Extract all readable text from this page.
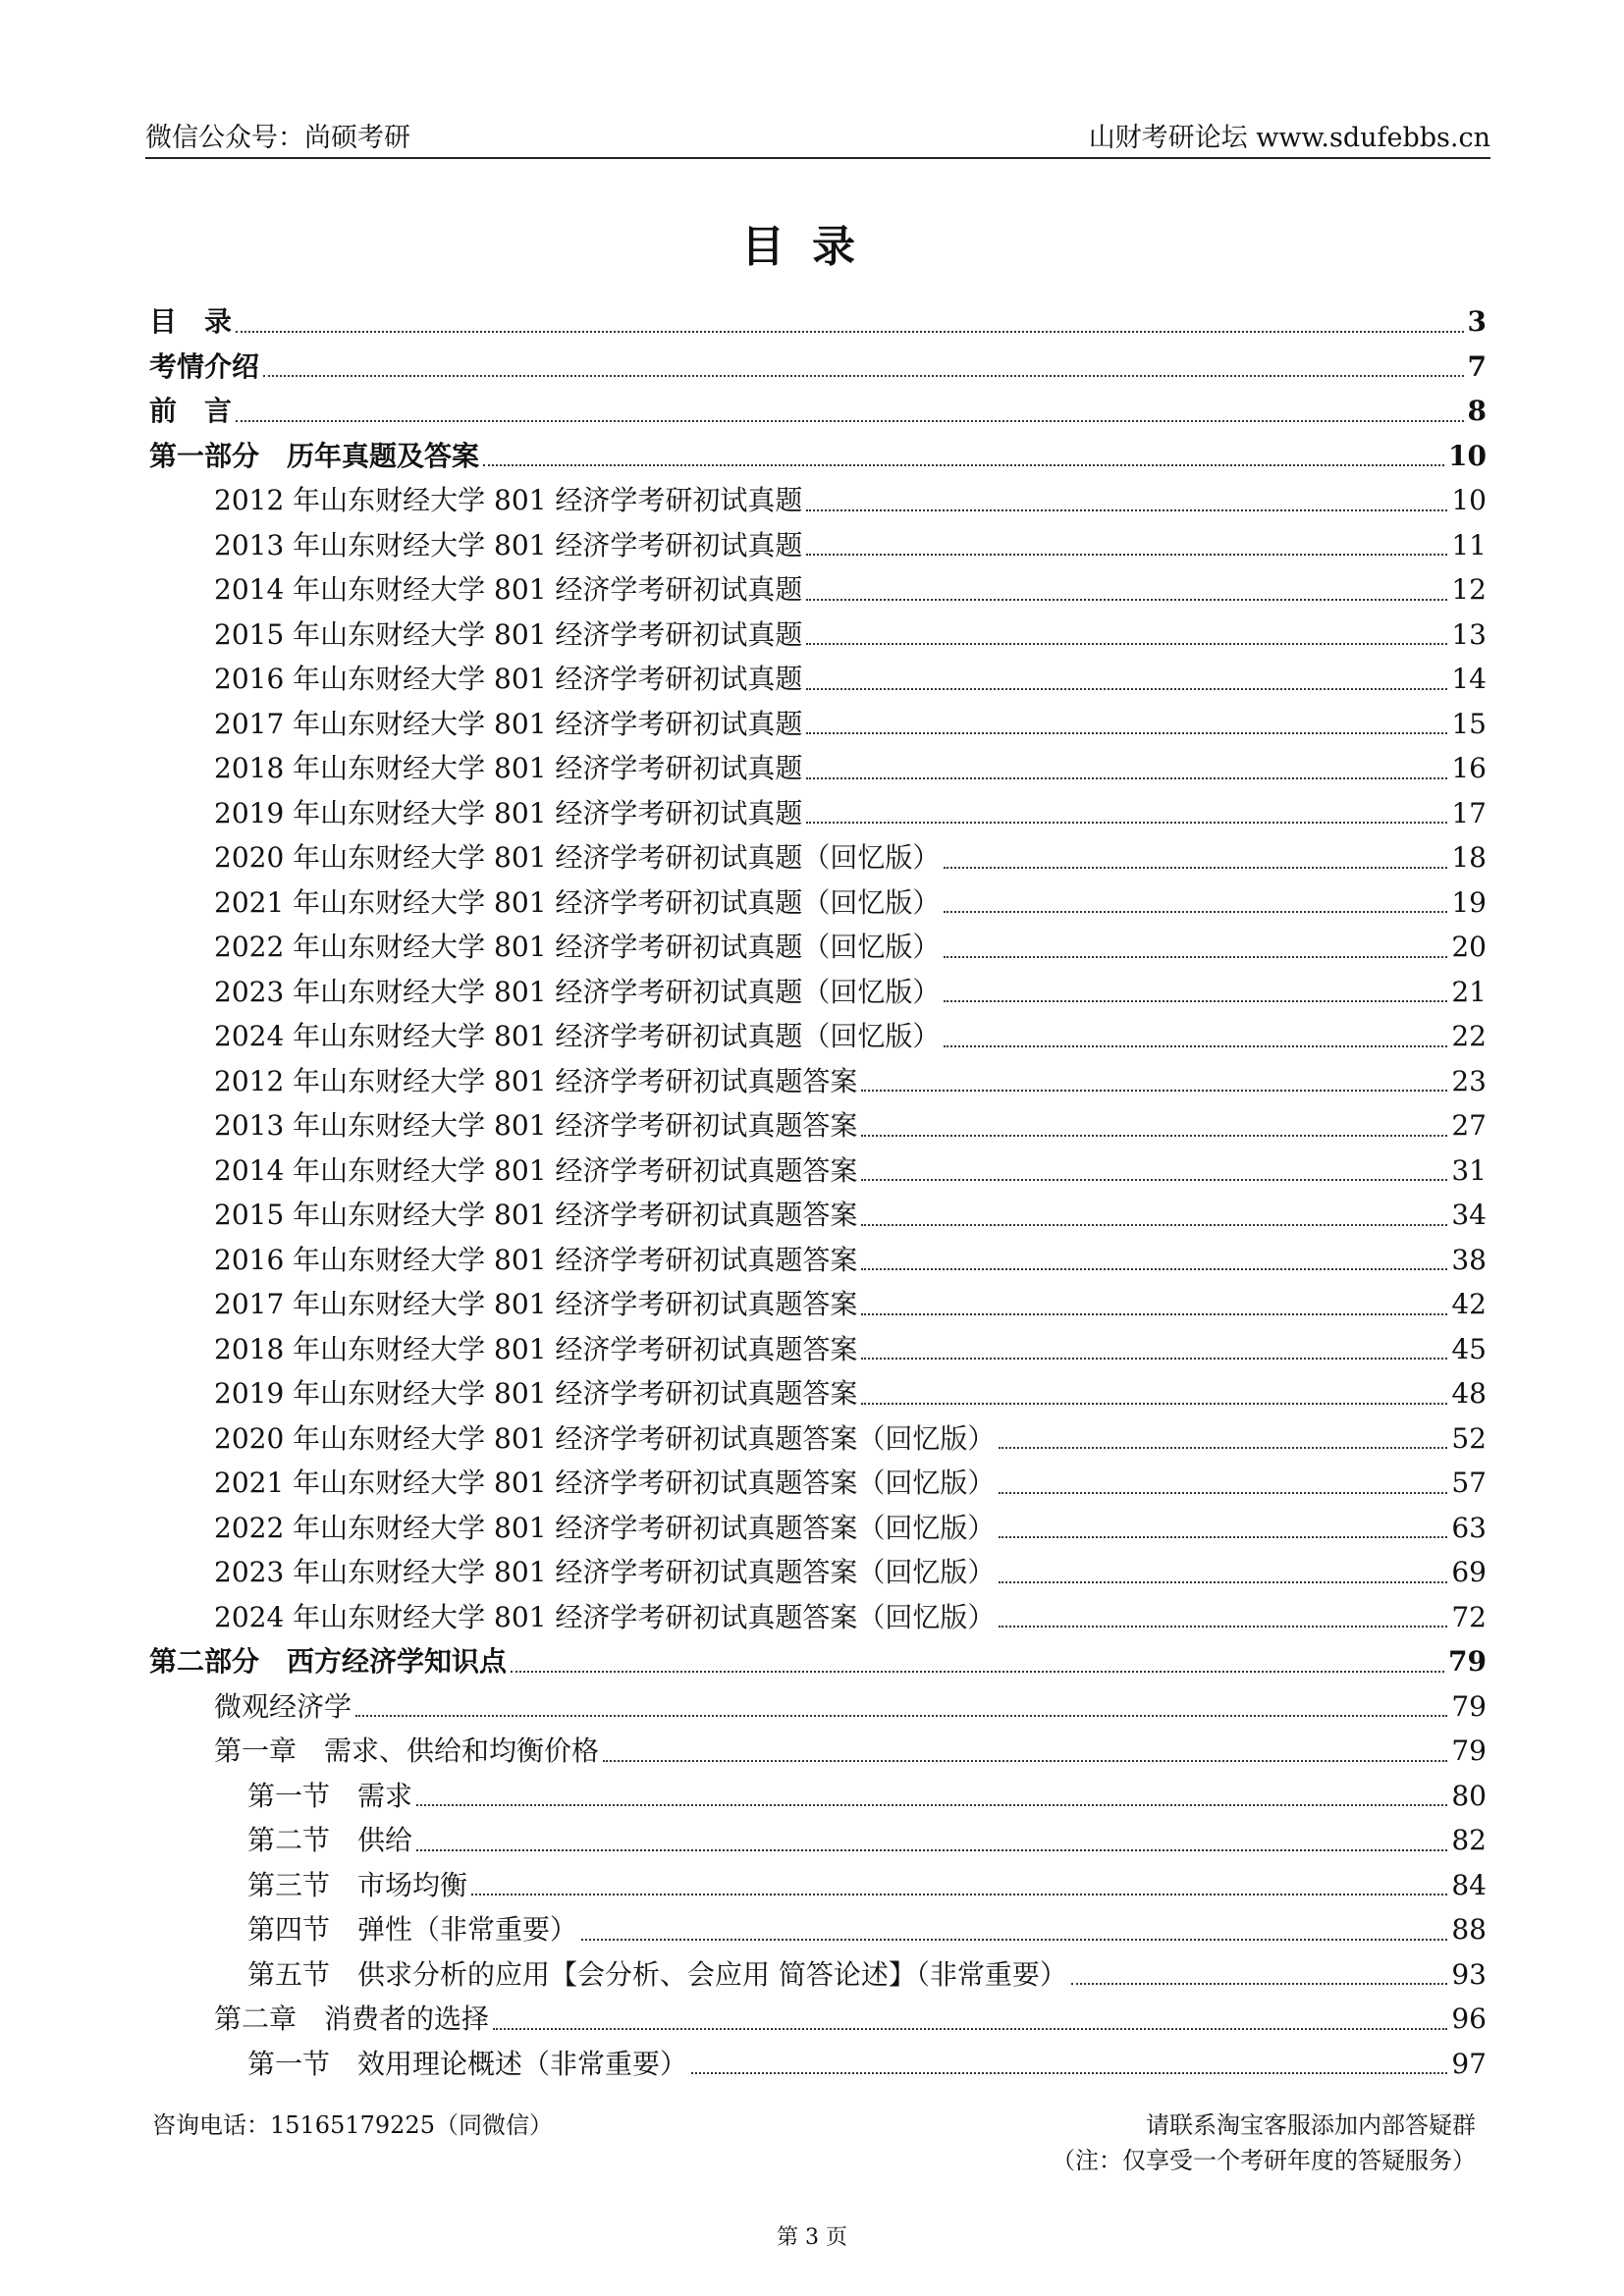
微信公众号：尚硕考研	山财考研论坛 www.sdufebbs.cn
目录
目　录	3
考情介绍	7
前　言	8
第一部分　历年真题及答案	10
2012 年山东财经大学 801 经济学考研初试真题	10
2013 年山东财经大学 801 经济学考研初试真题	11
2014 年山东财经大学 801 经济学考研初试真题	12
2015 年山东财经大学 801 经济学考研初试真题	13
2016 年山东财经大学 801 经济学考研初试真题	14
2017 年山东财经大学 801 经济学考研初试真题	15
2018 年山东财经大学 801 经济学考研初试真题	16
2019 年山东财经大学 801 经济学考研初试真题	17
2020 年山东财经大学 801 经济学考研初试真题（回忆版）	18
2021 年山东财经大学 801 经济学考研初试真题（回忆版）	19
2022 年山东财经大学 801 经济学考研初试真题（回忆版）	20
2023 年山东财经大学 801 经济学考研初试真题（回忆版）	21
2024 年山东财经大学 801 经济学考研初试真题（回忆版）	22
2012 年山东财经大学 801 经济学考研初试真题答案	23
2013 年山东财经大学 801 经济学考研初试真题答案	27
2014 年山东财经大学 801 经济学考研初试真题答案	31
2015 年山东财经大学 801 经济学考研初试真题答案	34
2016 年山东财经大学 801 经济学考研初试真题答案	38
2017 年山东财经大学 801 经济学考研初试真题答案	42
2018 年山东财经大学 801 经济学考研初试真题答案	45
2019 年山东财经大学 801 经济学考研初试真题答案	48
2020 年山东财经大学 801 经济学考研初试真题答案（回忆版）	52
2021 年山东财经大学 801 经济学考研初试真题答案（回忆版）	57
2022 年山东财经大学 801 经济学考研初试真题答案（回忆版）	63
2023 年山东财经大学 801 经济学考研初试真题答案（回忆版）	69
2024 年山东财经大学 801 经济学考研初试真题答案（回忆版）	72
第二部分　西方经济学知识点	79
微观经济学	79
第一章　需求、供给和均衡价格	79
第一节　需求	80
第二节　供给	82
第三节　市场均衡	84
第四节　弹性（非常重要）	88
第五节　供求分析的应用【会分析、会应用 简答论述】（非常重要）	93
第二章　消费者的选择	96
第一节　效用理论概述（非常重要）	97
咨询电话：15165179225（同微信）	请联系淘宝客服添加内部答疑群
（注：仅享受一个考研年度的答疑服务）
第 3 页
